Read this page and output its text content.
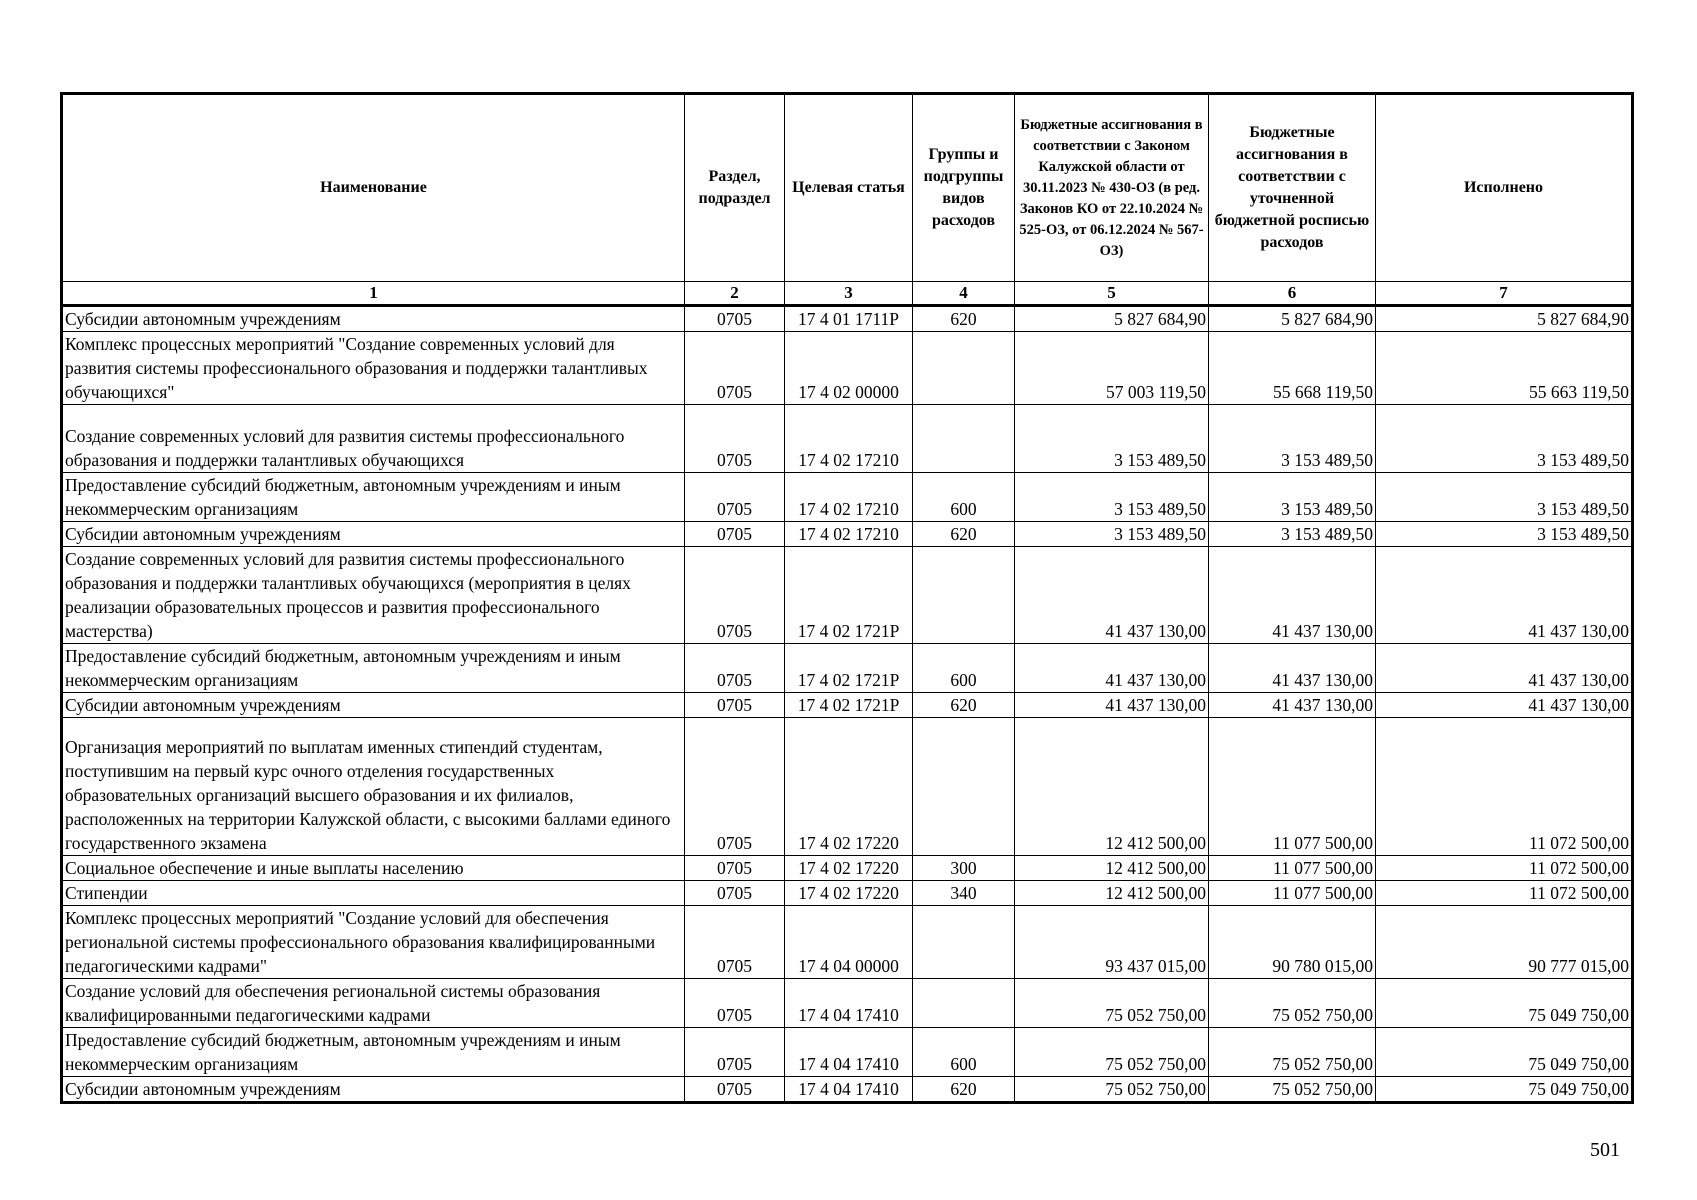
Наименование	Раздел, подраздел	Целевая статья	Группы и подгруппы видов расходов	Бюджетные ассигнования в соответствии с Законом Калужской области от 30.11.2023 № 430-ОЗ (в ред. Законов КО от 22.10.2024 № 525-ОЗ, от 06.12.2024 № 567-ОЗ)	Бюджетные ассигнования в соответствии с уточненной бюджетной росписью расходов	Исполнено
1	2	3	4	5	6	7
Субсидии автономным учреждениям	0705	17 4 01 1711Р	620	5 827 684,90	5 827 684,90	5 827 684,90
Комплекс процессных мероприятий "Создание современных условий для развития системы профессионального образования и поддержки талантливых обучающихся"	0705	17 4 02 00000		57 003 119,50	55 668 119,50	55 663 119,50
Создание современных условий для развития системы профессионального образования и поддержки талантливых обучающихся	0705	17 4 02 17210		3 153 489,50	3 153 489,50	3 153 489,50
Предоставление субсидий бюджетным, автономным учреждениям и иным некоммерческим организациям	0705	17 4 02 17210	600	3 153 489,50	3 153 489,50	3 153 489,50
Субсидии автономным учреждениям	0705	17 4 02 17210	620	3 153 489,50	3 153 489,50	3 153 489,50
Создание современных условий для развития системы профессионального образования и поддержки талантливых обучающихся (мероприятия в целях реализации образовательных процессов и развития профессионального мастерства)	0705	17 4 02 1721Р		41 437 130,00	41 437 130,00	41 437 130,00
Предоставление субсидий бюджетным, автономным учреждениям и иным некоммерческим организациям	0705	17 4 02 1721Р	600	41 437 130,00	41 437 130,00	41 437 130,00
Субсидии автономным учреждениям	0705	17 4 02 1721Р	620	41 437 130,00	41 437 130,00	41 437 130,00
Организация мероприятий по выплатам именных стипендий студентам, поступившим на первый курс очного отделения государственных образовательных организаций высшего образования и их филиалов, расположенных на территории Калужской области, с высокими баллами единого государственного экзамена	0705	17 4 02 17220		12 412 500,00	11 077 500,00	11 072 500,00
Социальное обеспечение и иные выплаты населению	0705	17 4 02 17220	300	12 412 500,00	11 077 500,00	11 072 500,00
Стипендии	0705	17 4 02 17220	340	12 412 500,00	11 077 500,00	11 072 500,00
Комплекс процессных мероприятий "Создание условий для обеспечения региональной системы профессионального образования квалифицированными педагогическими кадрами"	0705	17 4 04 00000		93 437 015,00	90 780 015,00	90 777 015,00
Создание условий для обеспечения региональной системы образования квалифицированными педагогическими кадрами	0705	17 4 04 17410		75 052 750,00	75 052 750,00	75 049 750,00
Предоставление субсидий бюджетным, автономным учреждениям и иным некоммерческим организациям	0705	17 4 04 17410	600	75 052 750,00	75 052 750,00	75 049 750,00
Субсидии автономным учреждениям	0705	17 4 04 17410	620	75 052 750,00	75 052 750,00	75 049 750,00
501
